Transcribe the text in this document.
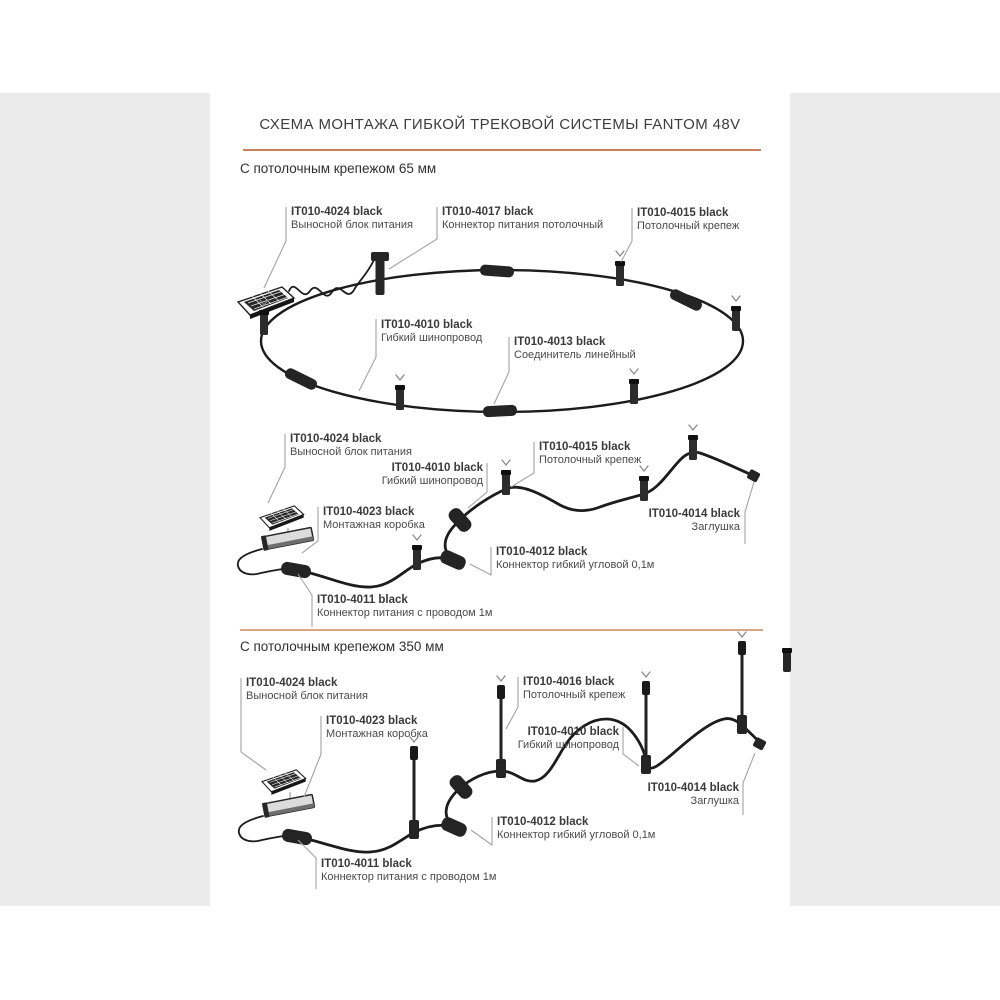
СХЕМА МОНТАЖА ГИБКОЙ ТРЕКОВОЙ СИСТЕМЫ FANTOM 48V
С потолочным крепежом 65 мм
С потолочным крепежом 350 мм
IT010-4024 black
Выносной блок питания
IT010-4017 black
Коннектор питания потолочный
IT010-4015 black
Потолочный крепеж
IT010-4010 black
Гибкий шинопровод	IT010-4013 black
Соединитель линейный
IT010-4024 black
Выносной блок питания
IT010-4010 black
Гибкий шинопровод
IT010-4023 black
Монтажная коробка
IT010-4015 black
Потолочный крепеж
IT010-4014 black
Заглушка
IT010-4012 black
Коннектор гибкий угловой 0,1м
IT010-4011 black
Коннектор питания с проводом 1м
IT010-4024 black
Выносной блок питания
IT010-4023 black
Монтажная коробка
IT010-4016 black
Потолочный крепеж
IT010-4010 black
Гибкий шинопровод
IT010-4014 black
Заглушка
IT010-4012 black
Коннектор гибкий угловой 0,1м
IT010-4011 black
Коннектор питания с проводом 1м
